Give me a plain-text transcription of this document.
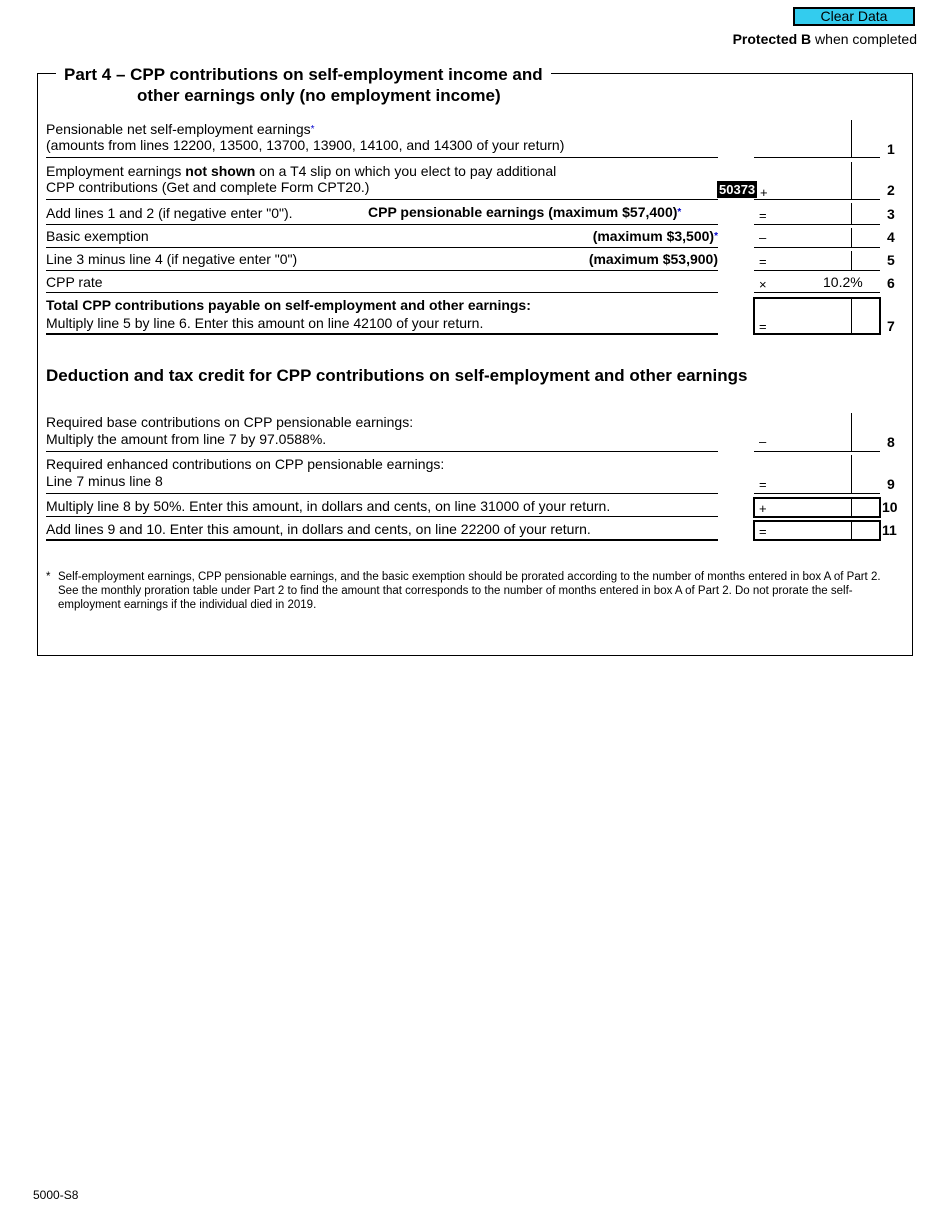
Clear Data
Protected B when completed
Part 4 – CPP contributions on self-employment income and
other earnings only (no employment income)
Pensionable net self-employment earnings*
(amounts from lines 12200, 13500, 13700, 13900, 14100, and 14300 of your return)	1
Employment earnings not shown on a T4 slip on which you elect to pay additional
CPP contributions (Get and complete Form CPT20.)	50373 +	2
Add lines 1 and 2 (if negative enter "0").	CPP pensionable earnings (maximum $57,400)*	=	3
Basic exemption	(maximum $3,500)*	–	4
Line 3 minus line 4 (if negative enter "0")	(maximum $53,900)	=	5
CPP rate	×	10.2% 6
Total CPP contributions payable on self-employment and other earnings:
Multiply line 5 by line 6. Enter this amount on line 42100 of your return.	=	7
Deduction and tax credit for CPP contributions on self-employment and other earnings
Required base contributions on CPP pensionable earnings:
Multiply the amount from line 7 by 97.0588%.	–	8
Required enhanced contributions on CPP pensionable earnings:
Line 7 minus line 8	=	9
Multiply line 8 by 50%. Enter this amount, in dollars and cents, on line 31000 of your return.	+	10
Add lines 9 and 10. Enter this amount, in dollars and cents, on line 22200 of your return.	=	11
* Self-employment earnings, CPP pensionable earnings, and the basic exemption should be prorated according to the number of months entered in box A of Part 2. See the monthly proration table under Part 2 to find the amount that corresponds to the number of months entered in box A of Part 2. Do not prorate the self-employment earnings if the individual died in 2019.
5000-S8
